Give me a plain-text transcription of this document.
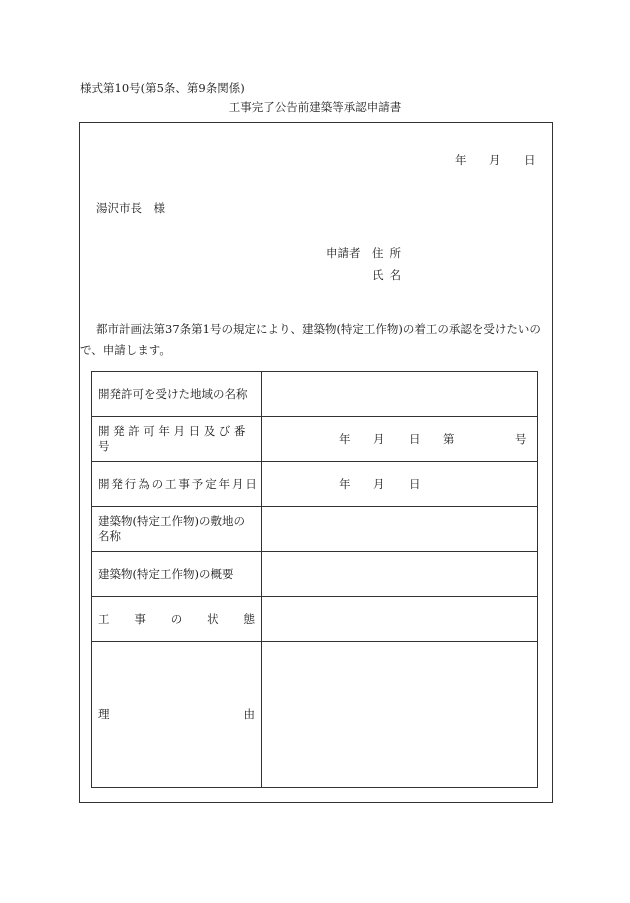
様式第10号(第5条、第9条関係)
工事完了公告前建築等承認申請書
年 月 日
湯沢市長　様
申請者 住所
氏名
都市計画法第37条第1号の規定により、建築物(特定工作物)の着工の承認を受けたいので、申請します。
開発許可を受けた地域の名称	
開発許可年月日及び番号	年 月 日 第 号

開発行為の工事予定年月日	年 月 日

建築物(特定工作物)の敷地の名称	
建築物(特定工作物)の概要	

工 事 の 状 態	

理 由	
